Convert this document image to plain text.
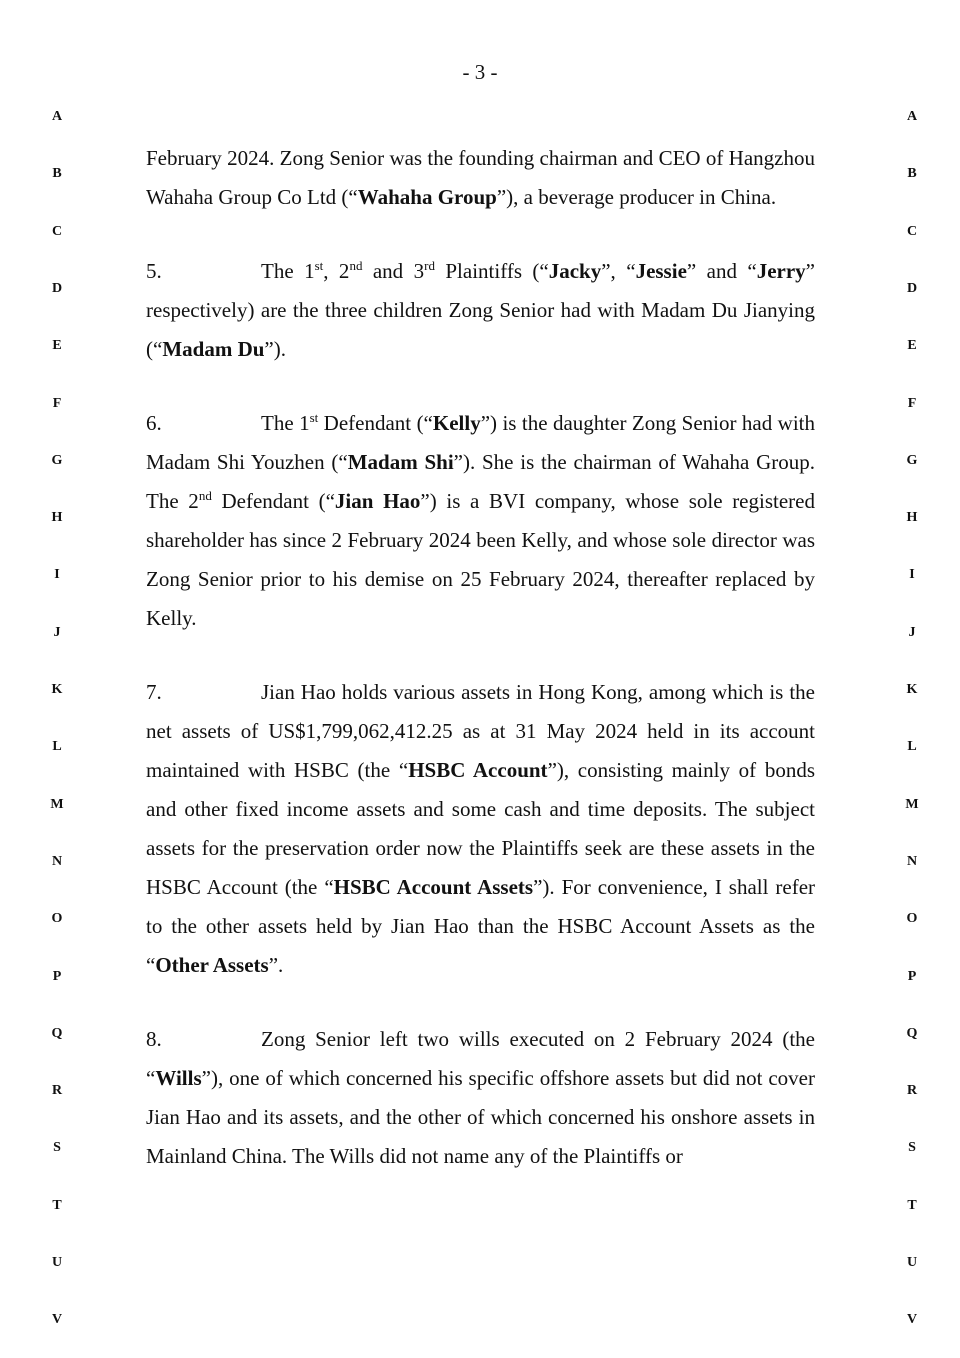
- 3 -
A
B
C
D
E
F
G
H
I
J
K
L
M
N
O
P
Q
R
S
T
U
V
A
B
C
D
E
F
G
H
I
J
K
L
M
N
O
P
Q
R
S
T
U
V

February 2024. Zong Senior was the founding chairman and CEO of Hangzhou Wahaha Group Co Ltd (“Wahaha Group”), a beverage producer in China.

5.	The 1st, 2nd and 3rd Plaintiffs (“Jacky”, “Jessie” and “Jerry” respectively) are the three children Zong Senior had with Madam Du Jianying (“Madam Du”).

6.	The 1st Defendant (“Kelly”) is the daughter Zong Senior had with Madam Shi Youzhen (“Madam Shi”). She is the chairman of Wahaha Group. The 2nd Defendant (“Jian Hao”) is a BVI company, whose sole registered shareholder has since 2 February 2024 been Kelly, and whose sole director was Zong Senior prior to his demise on 25 February 2024, thereafter replaced by Kelly.

7.	Jian Hao holds various assets in Hong Kong, among which is the net assets of US$1,799,062,412.25 as at 31 May 2024 held in its account maintained with HSBC (the “HSBC Account”), consisting mainly of bonds and other fixed income assets and some cash and time deposits. The subject assets for the preservation order now the Plaintiffs seek are these assets in the HSBC Account (the “HSBC Account Assets”). For convenience, I shall refer to the other assets held by Jian Hao than the HSBC Account Assets as the “Other Assets”.

8.	Zong Senior left two wills executed on 2 February 2024 (the “Wills”), one of which concerned his specific offshore assets but did not cover Jian Hao and its assets, and the other of which concerned his onshore assets in Mainland China. The Wills did not name any of the Plaintiffs or
